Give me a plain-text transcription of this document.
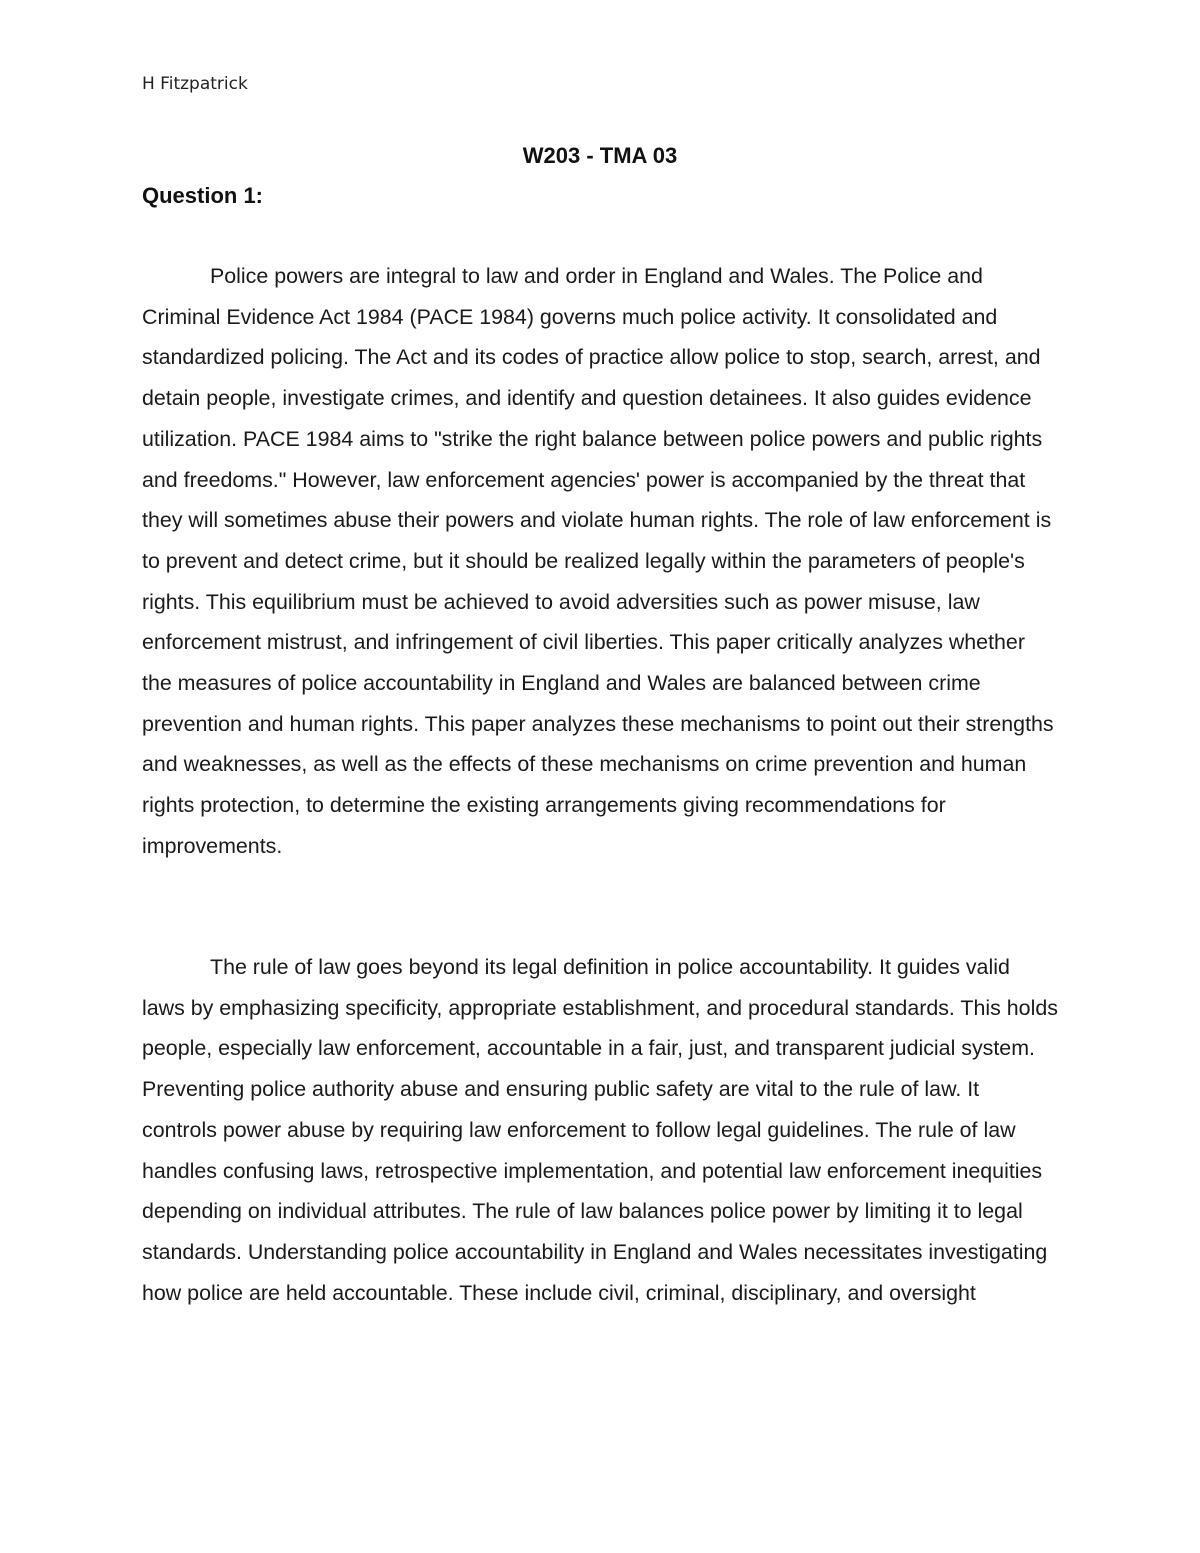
H Fitzpatrick

W203 - TMA 03
Question 1:

Police powers are integral to law and order in England and Wales. The Police and Criminal Evidence Act 1984 (PACE 1984) governs much police activity. It consolidated and standardized policing. The Act and its codes of practice allow police to stop, search, arrest, and detain people, investigate crimes, and identify and question detainees. It also guides evidence utilization. PACE 1984 aims to "strike the right balance between police powers and public rights and freedoms." However, law enforcement agencies' power is accompanied by the threat that they will sometimes abuse their powers and violate human rights. The role of law enforcement is to prevent and detect crime, but it should be realized legally within the parameters of people's rights. This equilibrium must be achieved to avoid adversities such as power misuse, law enforcement mistrust, and infringement of civil liberties. This paper critically analyzes whether the measures of police accountability in England and Wales are balanced between crime prevention and human rights. This paper analyzes these mechanisms to point out their strengths and weaknesses, as well as the effects of these mechanisms on crime prevention and human rights protection, to determine the existing arrangements giving recommendations for improvements.

The rule of law goes beyond its legal definition in police accountability. It guides valid laws by emphasizing specificity, appropriate establishment, and procedural standards. This holds people, especially law enforcement, accountable in a fair, just, and transparent judicial system. Preventing police authority abuse and ensuring public safety are vital to the rule of law. It controls power abuse by requiring law enforcement to follow legal guidelines. The rule of law handles confusing laws, retrospective implementation, and potential law enforcement inequities depending on individual attributes. The rule of law balances police power by limiting it to legal standards. Understanding police accountability in England and Wales necessitates investigating how police are held accountable. These include civil, criminal, disciplinary, and oversight
